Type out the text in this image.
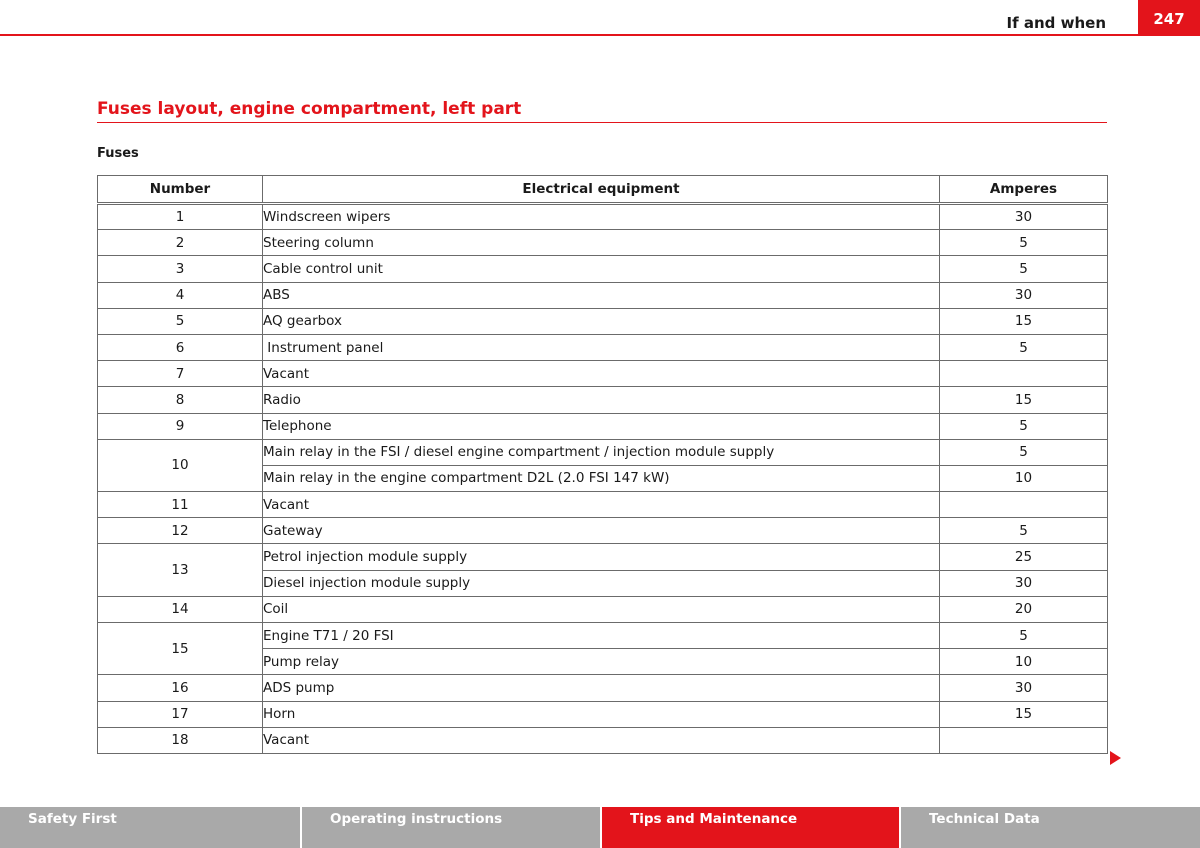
If and when	247
Fuses layout, engine compartment, left part
Fuses
Number	Electrical equipment	Amperes
1	Windscreen wipers	30
2	Steering column	5
3	Cable control unit	5
4	ABS	30
5	AQ gearbox	15
6	Instrument panel	5
7	Vacant	
8	Radio	15
9	Telephone	5
10	Main relay in the FSI / diesel engine compartment / injection module supply	5
	Main relay in the engine compartment D2L (2.0 FSI 147 kW)	10
11	Vacant	
12	Gateway	5
13	Petrol injection module supply	25
	Diesel injection module supply	30
14	Coil	20
15	Engine T71 / 20 FSI	5
	Pump relay	10
16	ADS pump	30
17	Horn	15
18	Vacant	
Safety First	Operating instructions	Tips and Maintenance	Technical Data
